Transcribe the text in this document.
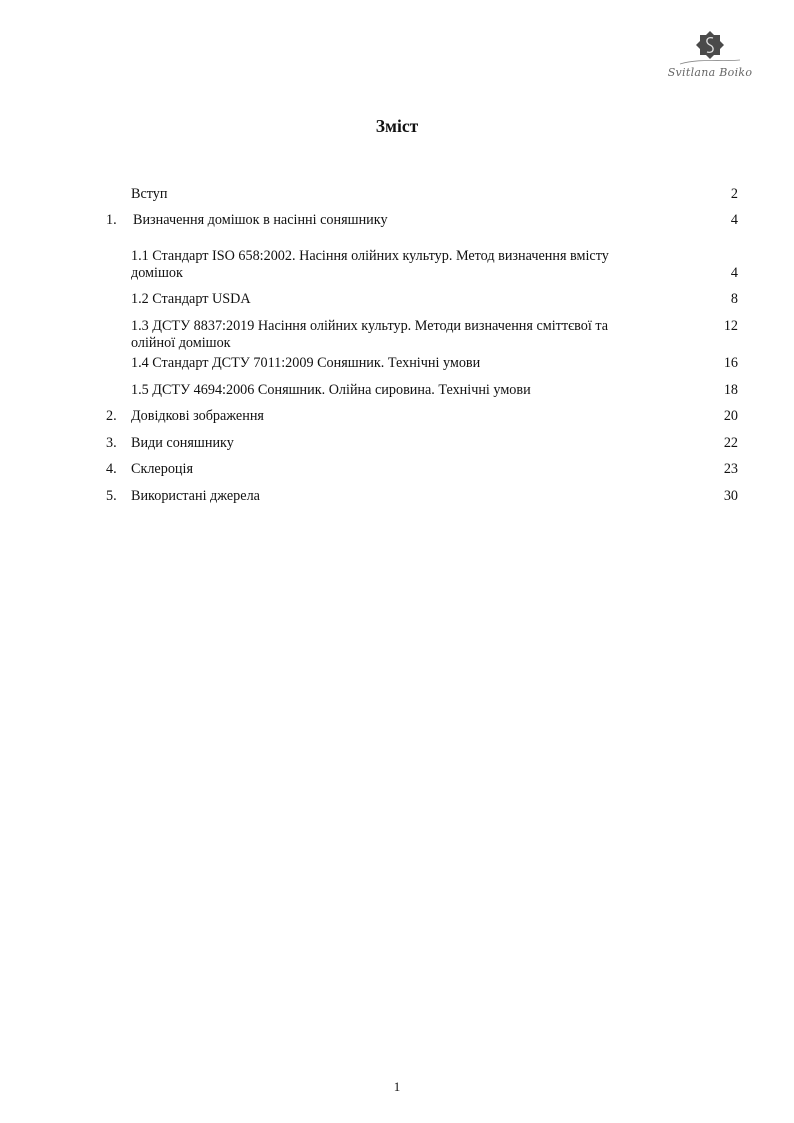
Svitlana Boiko
Зміст
Вступ	2
1. Визначення домішок в насінні соняшнику	4
1.1 Стандарт ISO 658:2002. Насіння олійних культур. Метод визначення вмісту
домішок	4
1.2 Стандарт USDA	8
1.3 ДСТУ 8837:2019 Насіння олійних культур. Методи визначення сміттєвої та	12
олійної домішок
1.4 Стандарт ДСТУ 7011:2009 Соняшник. Технічні умови	16
1.5 ДСТУ 4694:2006 Соняшник. Олійна сировина. Технічні умови	18
2. Довідкові зображення	20
3. Види соняшнику	22
4. Склероція	23
5. Використані джерела	30
1
